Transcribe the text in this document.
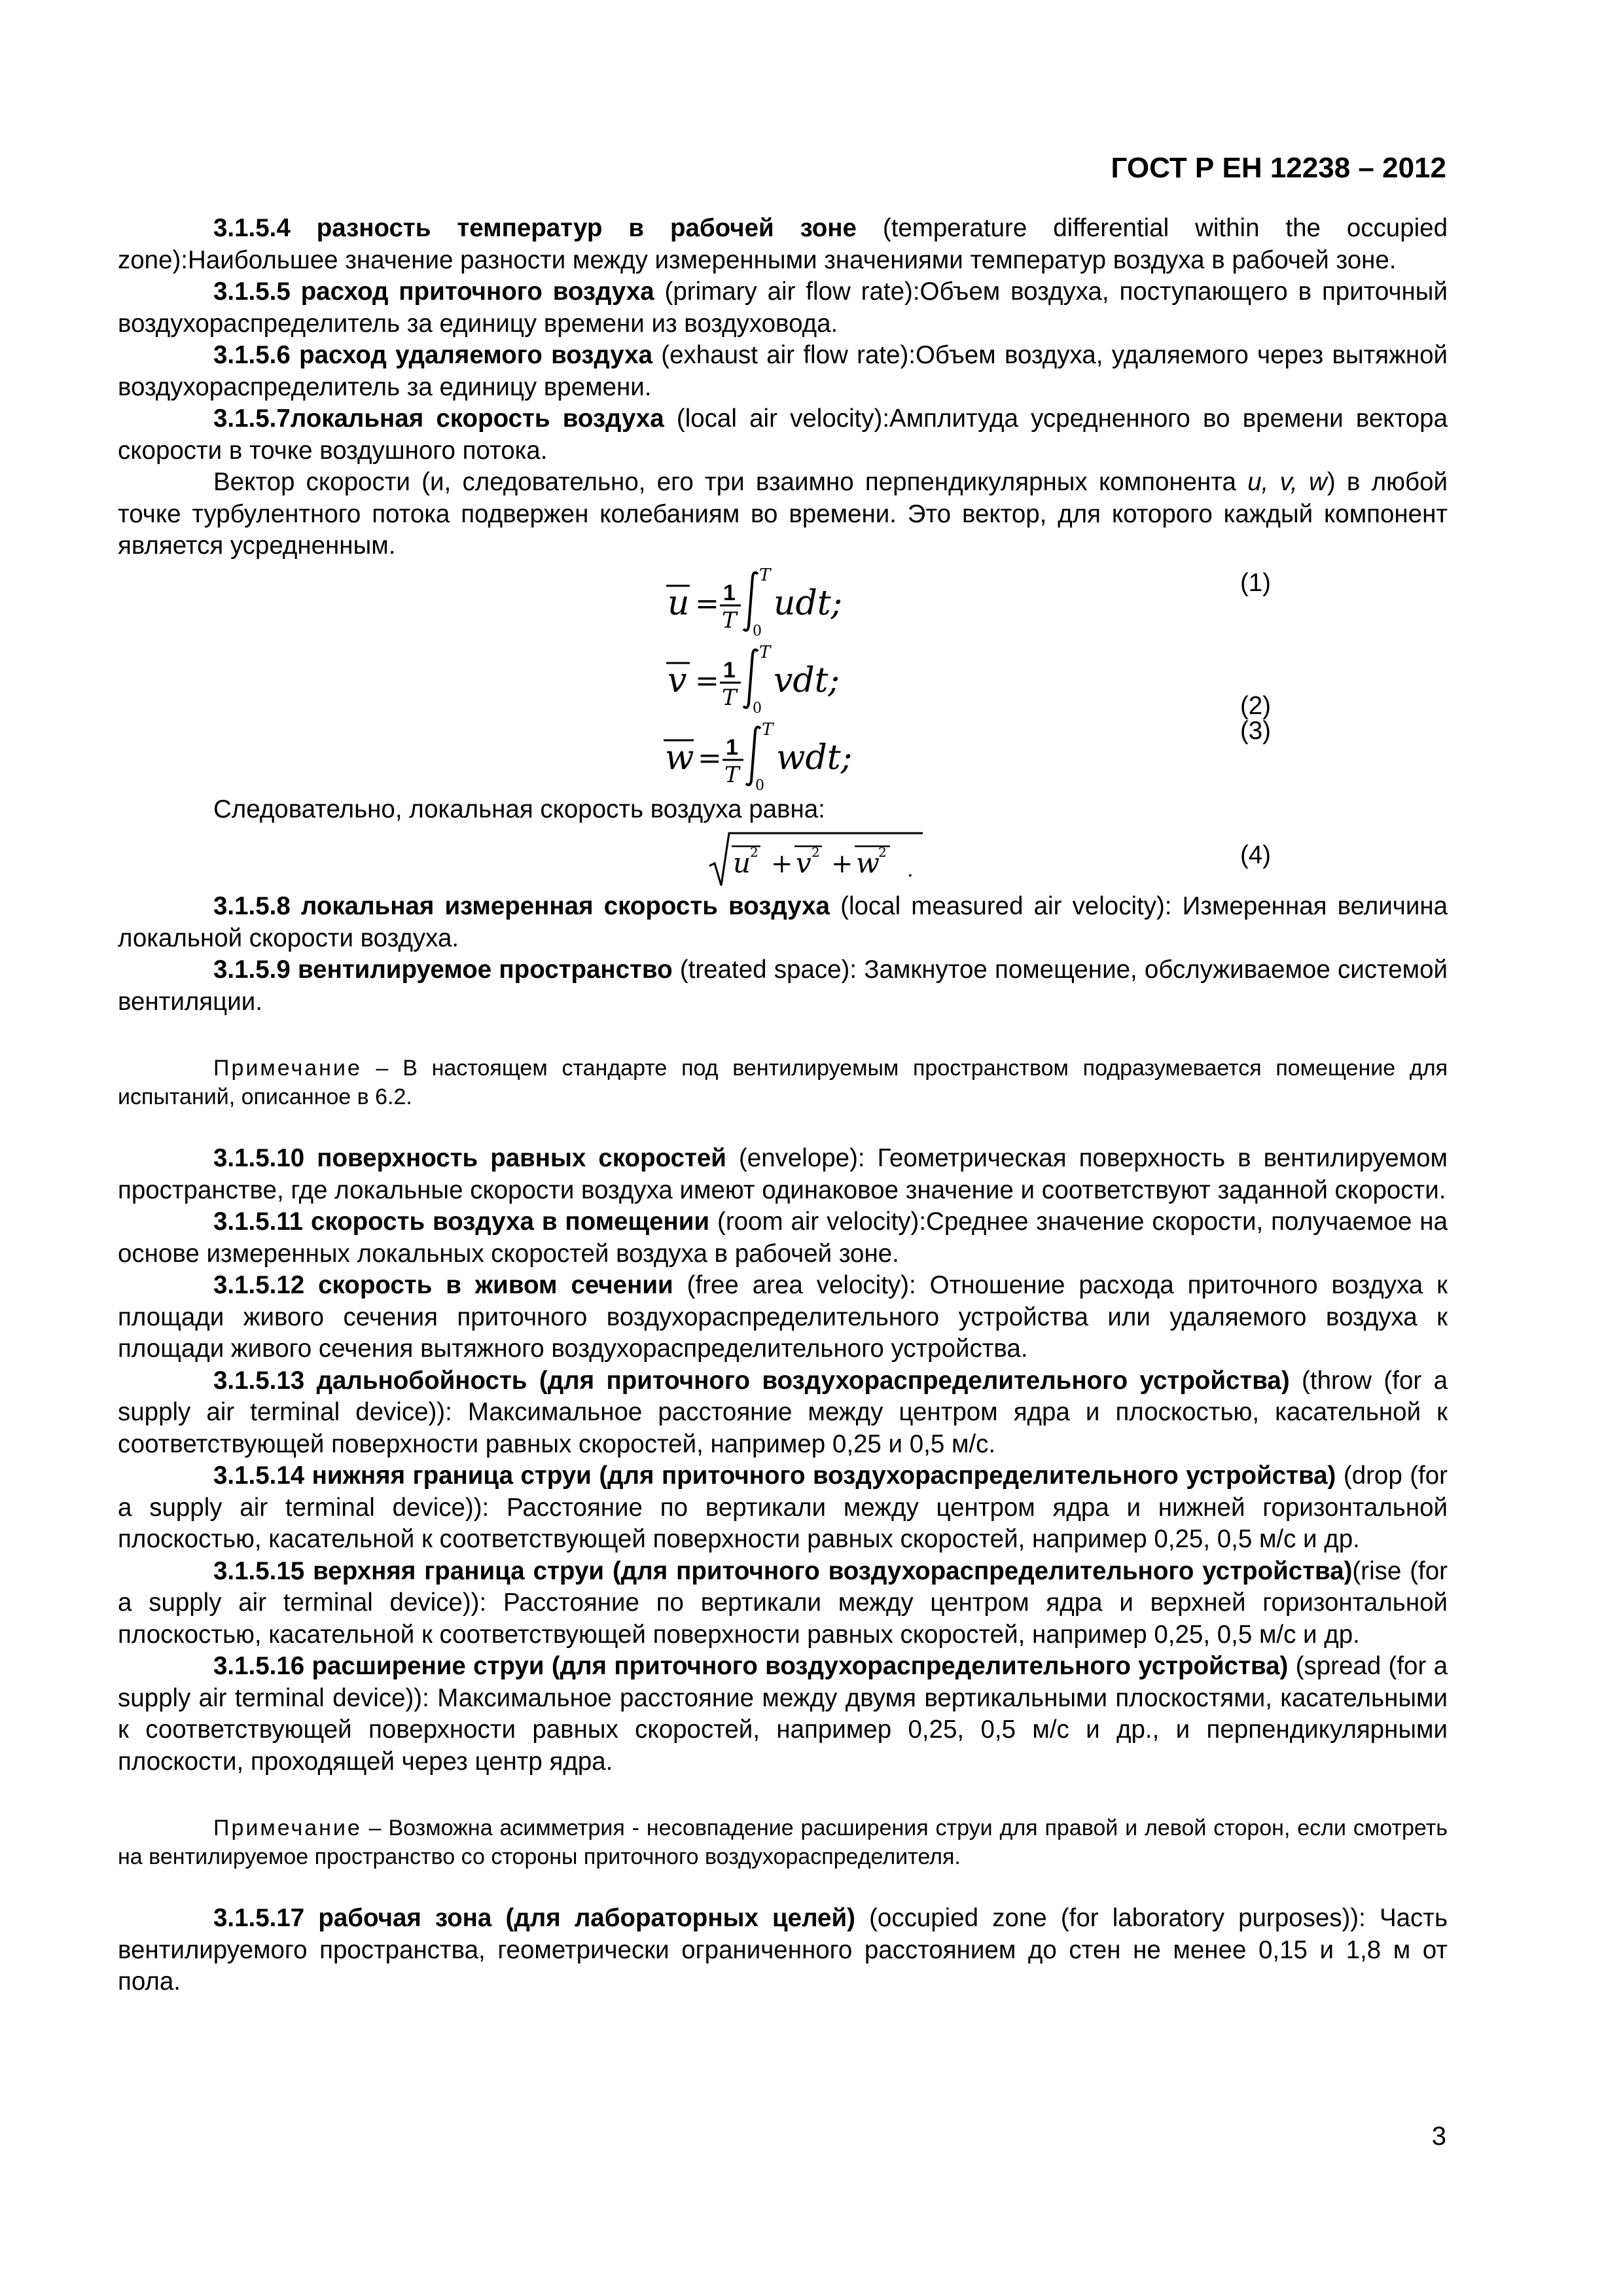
ГОСТ Р ЕН 12238 – 2012

3.1.5.4 разность температур в рабочей зоне (temperature differential within the occupied zone):Наибольшее значение разности между измеренными значениями температур воздуха в рабочей зоне.

3.1.5.5 расход приточного воздуха (primary air flow rate):Объем воздуха, поступающего в приточный воздухораспределитель за единицу времени из воздуховода.

3.1.5.6 расход удаляемого воздуха (exhaust air flow rate):Объем воздуха, удаляемого через вытяжной воздухораспределитель за единицу времени.

3.1.5.7локальная скорость воздуха (local air velocity):Амплитуда усредненного во времени вектора скорости в точке воздушного потока.

Вектор скорости (и, следовательно, его три взаимно перпендикулярных компонента u, v, w) в любой точке турбулентного потока подвержен колебаниям во времени. Это вектор, для которого каждый компонент является усредненным.

u = 1
T
T
0
udt;
(1)
v = 1
T
T
0
vdt;
(2)
w = 1
T
T
0
wdt;
(3)

Следовательно, локальная скорость воздуха равна:

u
2 + v 2 + w
2
.
(4)

3.1.5.8 локальная измеренная скорость воздуха (local measured air velocity): Измеренная величина локальной скорости воздуха.

3.1.5.9 вентилируемое пространство (treated space): Замкнутое помещение, обслуживаемое системой вентиляции.

Примечание – В настоящем стандарте под вентилируемым пространством подразумевается помещение для испытаний, описанное в 6.2.

3.1.5.10 поверхность равных скоростей (envelope): Геометрическая поверхность в вентилируемом пространстве, где локальные скорости воздуха имеют одинаковое значение и соответствуют заданной скорости.

3.1.5.11 скорость воздуха в помещении (room air velocity):Среднее значение скорости, получаемое на основе измеренных локальных скоростей воздуха в рабочей зоне.

3.1.5.12 скорость в живом сечении (free area velocity): Отношение расхода приточного воздуха к площади живого сечения приточного воздухораспределительного устройства или удаляемого воздуха к площади живого сечения вытяжного воздухораспределительного устройства.

3.1.5.13 дальнобойность (для приточного воздухораспределительного устройства) (throw (for a supply air terminal device)): Максимальное расстояние между центром ядра и плоскостью, касательной к соответствующей поверхности равных скоростей, например 0,25 и 0,5 м/с.

3.1.5.14 нижняя граница струи (для приточного воздухораспределительного устройства) (drop (for a supply air terminal device)): Расстояние по вертикали между центром ядра и нижней горизонтальной плоскостью, касательной к соответствующей поверхности равных скоростей, например 0,25, 0,5 м/с и др.

3.1.5.15 верхняя граница струи (для приточного воздухораспределительного устройства)(rise (for a supply air terminal device)): Расстояние по вертикали между центром ядра и верхней горизонтальной плоскостью, касательной к соответствующей поверхности равных скоростей, например 0,25, 0,5 м/с и др.

3.1.5.16 расширение струи (для приточного воздухораспределительного устройства) (spread (for a supply air terminal device)): Максимальное расстояние между двумя вертикальными плоскостями, касательными к соответствующей поверхности равных скоростей, например 0,25, 0,5 м/с и др., и перпендикулярными плоскости, проходящей через центр ядра.

Примечание – Возможна асимметрия - несовпадение расширения струи для правой и левой сторон, если смотреть на вентилируемое пространство со стороны приточного воздухораспределителя.

3.1.5.17 рабочая зона (для лабораторных целей) (occupied zone (for laboratory purposes)): Часть вентилируемого пространства, геометрически ограниченного расстоянием до стен не менее 0,15 и 1,8 м от пола.

3
